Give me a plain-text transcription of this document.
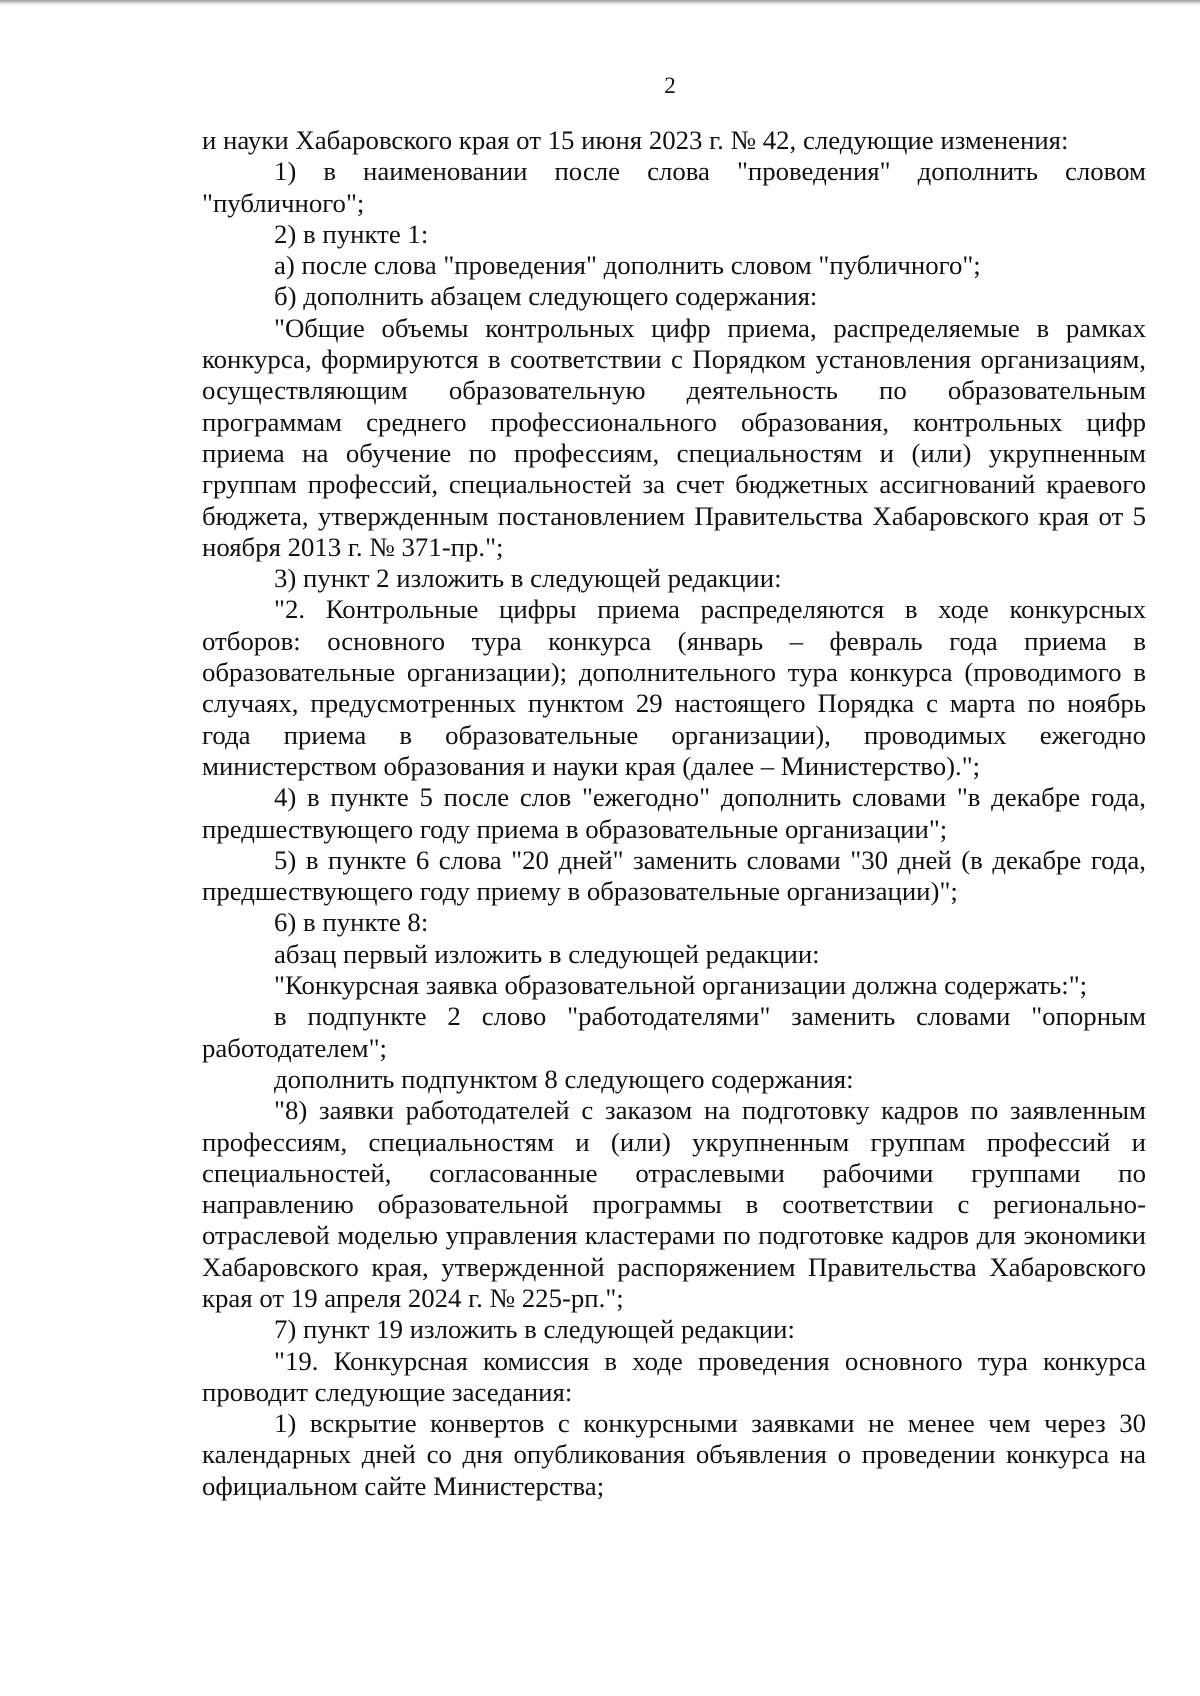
2

и науки Хабаровского края от 15 июня 2023 г. № 42, следующие изменения:

1) в наименовании после слова "проведения" дополнить словом "публичного";

2) в пункте 1:

а) после слова "проведения" дополнить словом "публичного";

б) дополнить абзацем следующего содержания:

"Общие объемы контрольных цифр приема, распределяемые в рамках конкурса, формируются в соответствии с Порядком установления организациям, осуществляющим образовательную деятельность по образовательным программам среднего профессионального образования, контрольных цифр приема на обучение по профессиям, специальностям и (или) укрупненным группам профессий, специальностей за счет бюджетных ассигнований краевого бюджета, утвержденным постановлением Правительства Хабаровского края от 5 ноября 2013 г. № 371-пр.";

3) пункт 2 изложить в следующей редакции:

"2. Контрольные цифры приема распределяются в ходе конкурсных отборов: основного тура конкурса (январь – февраль года приема в образовательные организации); дополнительного тура конкурса (проводимого в случаях, предусмотренных пунктом 29 настоящего Порядка с марта по ноябрь года приема в образовательные организации), проводимых ежегодно министерством образования и науки края (далее – Министерство).";

4) в пункте 5 после слов "ежегодно" дополнить словами "в декабре года, предшествующего году приема в образовательные организации";

5) в пункте 6 слова "20 дней" заменить словами "30 дней (в декабре года, предшествующего году приему в образовательные организации)";

6) в пункте 8:

абзац первый изложить в следующей редакции:

"Конкурсная заявка образовательной организации должна содержать:";

в подпункте 2 слово "работодателями" заменить словами "опорным работодателем";

дополнить подпунктом 8 следующего содержания:

"8) заявки работодателей с заказом на подготовку кадров по заявленным профессиям, специальностям и (или) укрупненным группам профессий и специальностей, согласованные отраслевыми рабочими группами по направлению образовательной программы в соответствии с регионально-отраслевой моделью управления кластерами по подготовке кадров для экономики Хабаровского края, утвержденной распоряжением Правительства Хабаровского края от 19 апреля 2024 г. № 225-рп.";

7) пункт 19 изложить в следующей редакции:

"19. Конкурсная комиссия в ходе проведения основного тура конкурса проводит следующие заседания:

1) вскрытие конвертов с конкурсными заявками не менее чем через 30 календарных дней со дня опубликования объявления о проведении конкурса на официальном сайте Министерства;
